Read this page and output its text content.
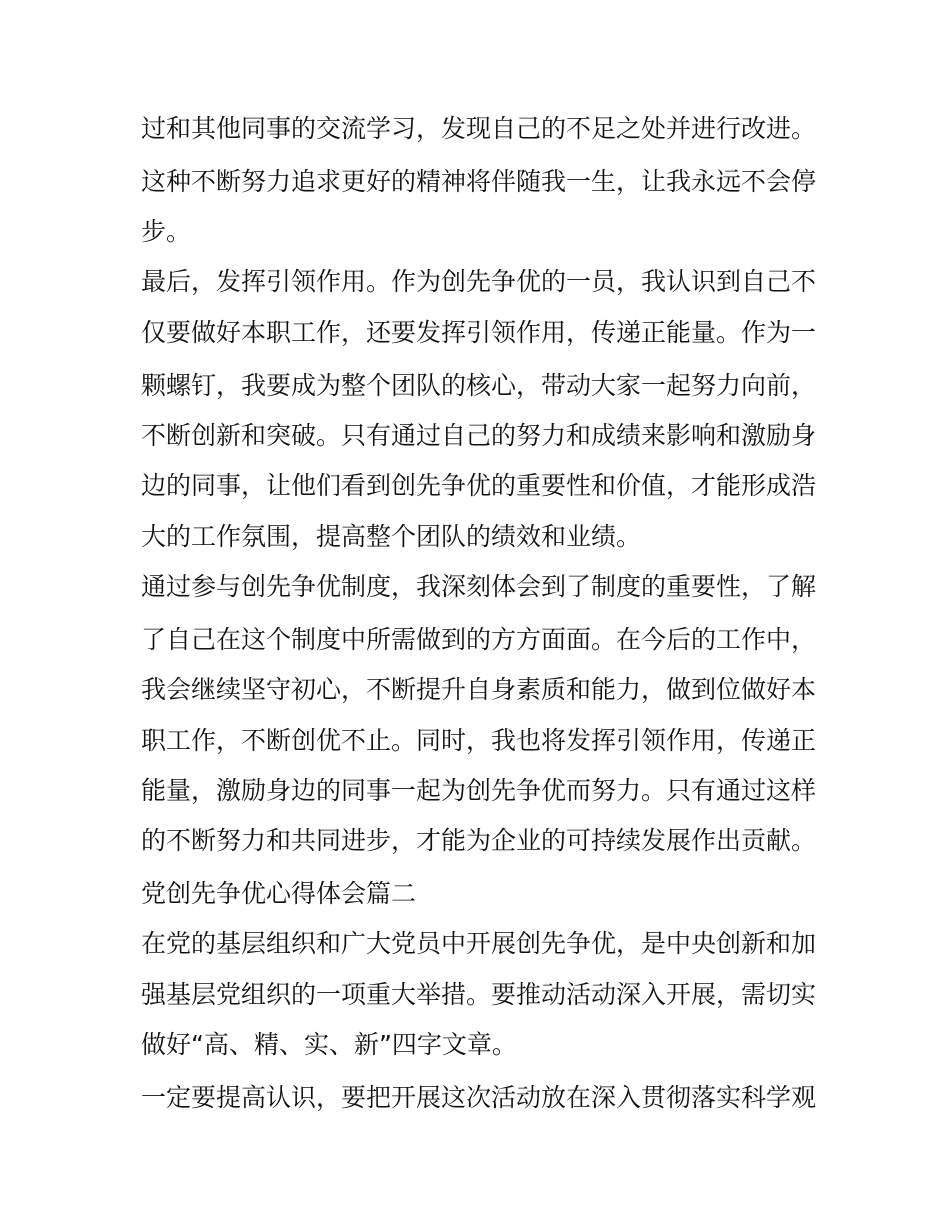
过和其他同事的交流学习，发现自己的不足之处并进行改进。
这种不断努力追求更好的精神将伴随我一生，让我永远不会停
步。
最后，发挥引领作用。作为创先争优的一员，我认识到自己不
仅要做好本职工作，还要发挥引领作用，传递正能量。作为一
颗螺钉，我要成为整个团队的核心，带动大家一起努力向前，
不断创新和突破。只有通过自己的努力和成绩来影响和激励身
边的同事，让他们看到创先争优的重要性和价值，才能形成浩
大的工作氛围，提高整个团队的绩效和业绩。
通过参与创先争优制度，我深刻体会到了制度的重要性，了解
了自己在这个制度中所需做到的方方面面。在今后的工作中，
我会继续坚守初心，不断提升自身素质和能力，做到位做好本
职工作，不断创优不止。同时，我也将发挥引领作用，传递正
能量，激励身边的同事一起为创先争优而努力。只有通过这样
的不断努力和共同进步，才能为企业的可持续发展作出贡献。
党创先争优心得体会篇二
在党的基层组织和广大党员中开展创先争优，是中央创新和加
强基层党组织的一项重大举措。要推动活动深入开展，需切实
做好“高、精、实、新”四字文章。
一定要提高认识，要把开展这次活动放在深入贯彻落实科学观
